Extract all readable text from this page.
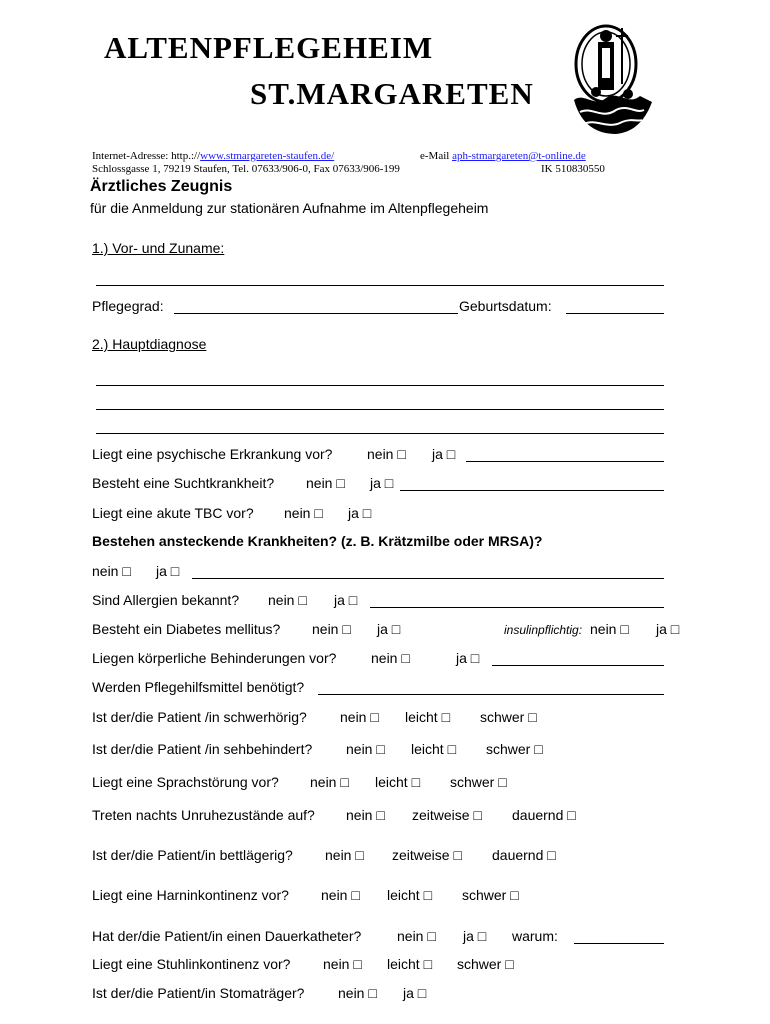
ALTENPFLEGEHEIM
ST.MARGARETEN
Internet-Adresse: http.://www.stmargareten-staufen.de/	e-Mail aph-stmargareten@t-online.de
Schlossgasse 1, 79219 Staufen, Tel. 07633/906-0, Fax 07633/906-199	IK 510830550
Ärztliches Zeugnis
für die Anmeldung zur stationären Aufnahme im Altenpflegeheim
1.) Vor- und Zuname:
Pflegegrad:	Geburtsdatum:
2.) Hauptdiagnose
Liegt eine psychische Erkrankung vor? nein □ ja □
Besteht eine Suchtkrankheit? nein □ ja □
Liegt eine akute TBC vor? nein □ ja □
Bestehen ansteckende Krankheiten? (z. B. Krätzmilbe oder MRSA)?
nein □ ja □
Sind Allergien bekannt? nein □ ja □
Besteht ein Diabetes mellitus? nein □ ja □	insulinpflichtig: nein □ ja □
Liegen körperliche Behinderungen vor? nein □	ja □
Werden Pflegehilfsmittel benötigt?
Ist der/die Patient /in schwerhörig? nein □ leicht □ schwer □
Ist der/die Patient /in sehbehindert? nein □ leicht □ schwer □
Liegt eine Sprachstörung vor? nein □ leicht □ schwer □
Treten nachts Unruhezustände auf? nein □ zeitweise □ dauernd □
Ist der/die Patient/in bettlägerig? nein □ zeitweise □ dauernd □
Liegt eine Harninkontinenz vor? nein □ leicht □ schwer □
Hat der/die Patient/in einen Dauerkatheter?	nein □ ja □ warum:
Liegt eine Stuhlinkontinenz vor? nein □ leicht □ schwer □
Ist der/die Patient/in Stomaträger? nein □ ja □
